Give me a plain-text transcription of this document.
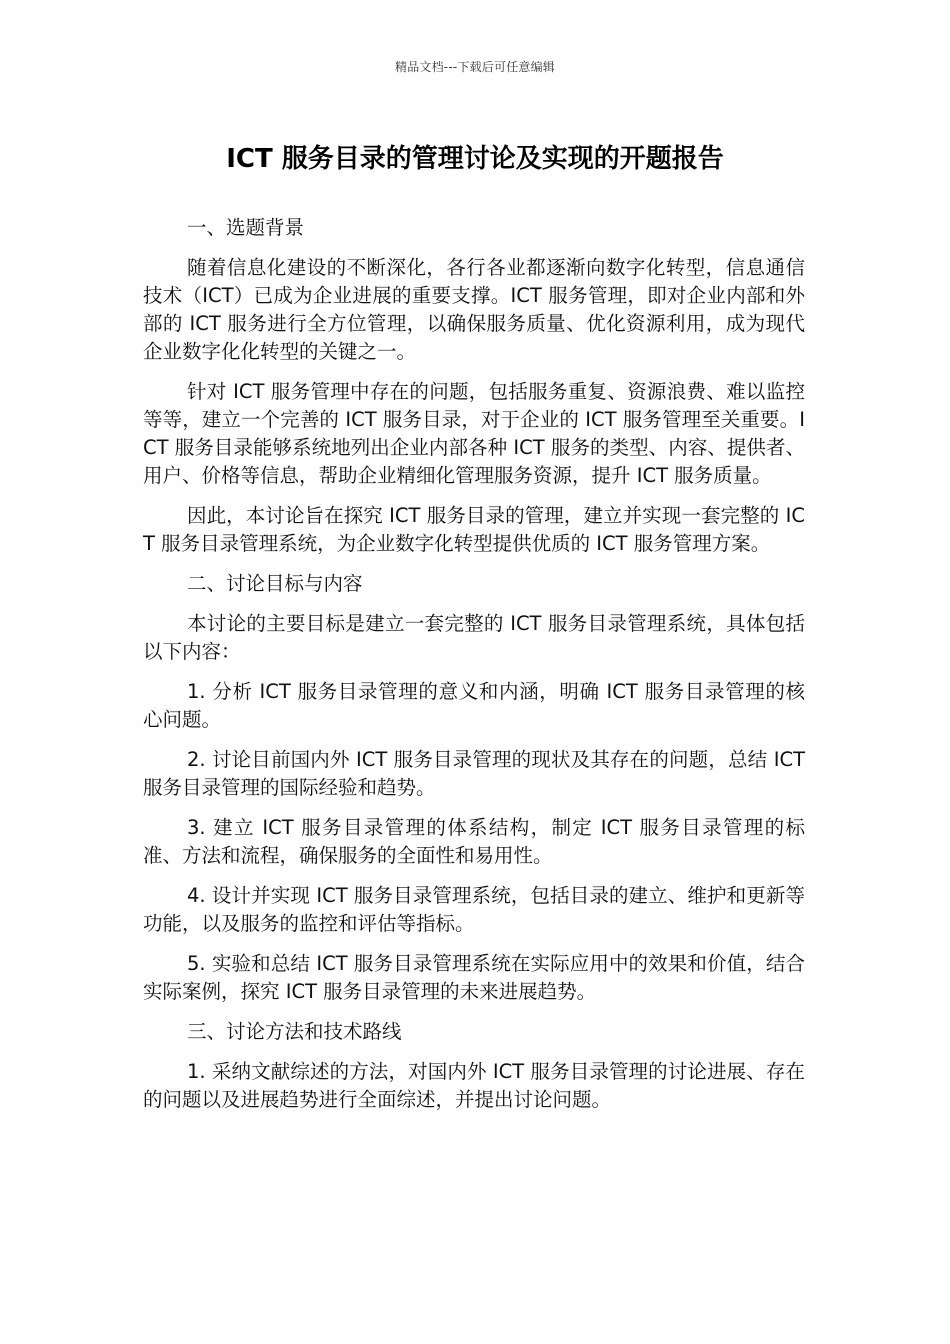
精品文档---下载后可任意编辑
ICT 服务目录的管理讨论及实现的开题报告

一、选题背景

随着信息化建设的不断深化，各行各业都逐渐向数字化转型，信息通信技术（ICT）已成为企业进展的重要支撑。ICT 服务管理，即对企业内部和外部的 ICT 服务进行全方位管理，以确保服务质量、优化资源利用，成为现代企业数字化化转型的关键之一。

针对 ICT 服务管理中存在的问题，包括服务重复、资源浪费、难以监控等等，建立一个完善的 ICT 服务目录，对于企业的 ICT 服务管理至关重要。ICT 服务目录能够系统地列出企业内部各种 ICT 服务的类型、内容、提供者、用户、价格等信息，帮助企业精细化管理服务资源，提升 ICT 服务质量。

因此，本讨论旨在探究 ICT 服务目录的管理，建立并实现一套完整的 ICT 服务目录管理系统，为企业数字化转型提供优质的 ICT 服务管理方案。

二、讨论目标与内容

本讨论的主要目标是建立一套完整的 ICT 服务目录管理系统，具体包括以下内容：

1. 分析 ICT 服务目录管理的意义和内涵，明确 ICT 服务目录管理的核心问题。

2. 讨论目前国内外 ICT 服务目录管理的现状及其存在的问题，总结 ICT 服务目录管理的国际经验和趋势。

3. 建立 ICT 服务目录管理的体系结构，制定 ICT 服务目录管理的标准、方法和流程，确保服务的全面性和易用性。

4. 设计并实现 ICT 服务目录管理系统，包括目录的建立、维护和更新等功能，以及服务的监控和评估等指标。

5. 实验和总结 ICT 服务目录管理系统在实际应用中的效果和价值，结合实际案例，探究 ICT 服务目录管理的未来进展趋势。

三、讨论方法和技术路线

1. 采纳文献综述的方法，对国内外 ICT 服务目录管理的讨论进展、存在的问题以及进展趋势进行全面综述，并提出讨论问题。
